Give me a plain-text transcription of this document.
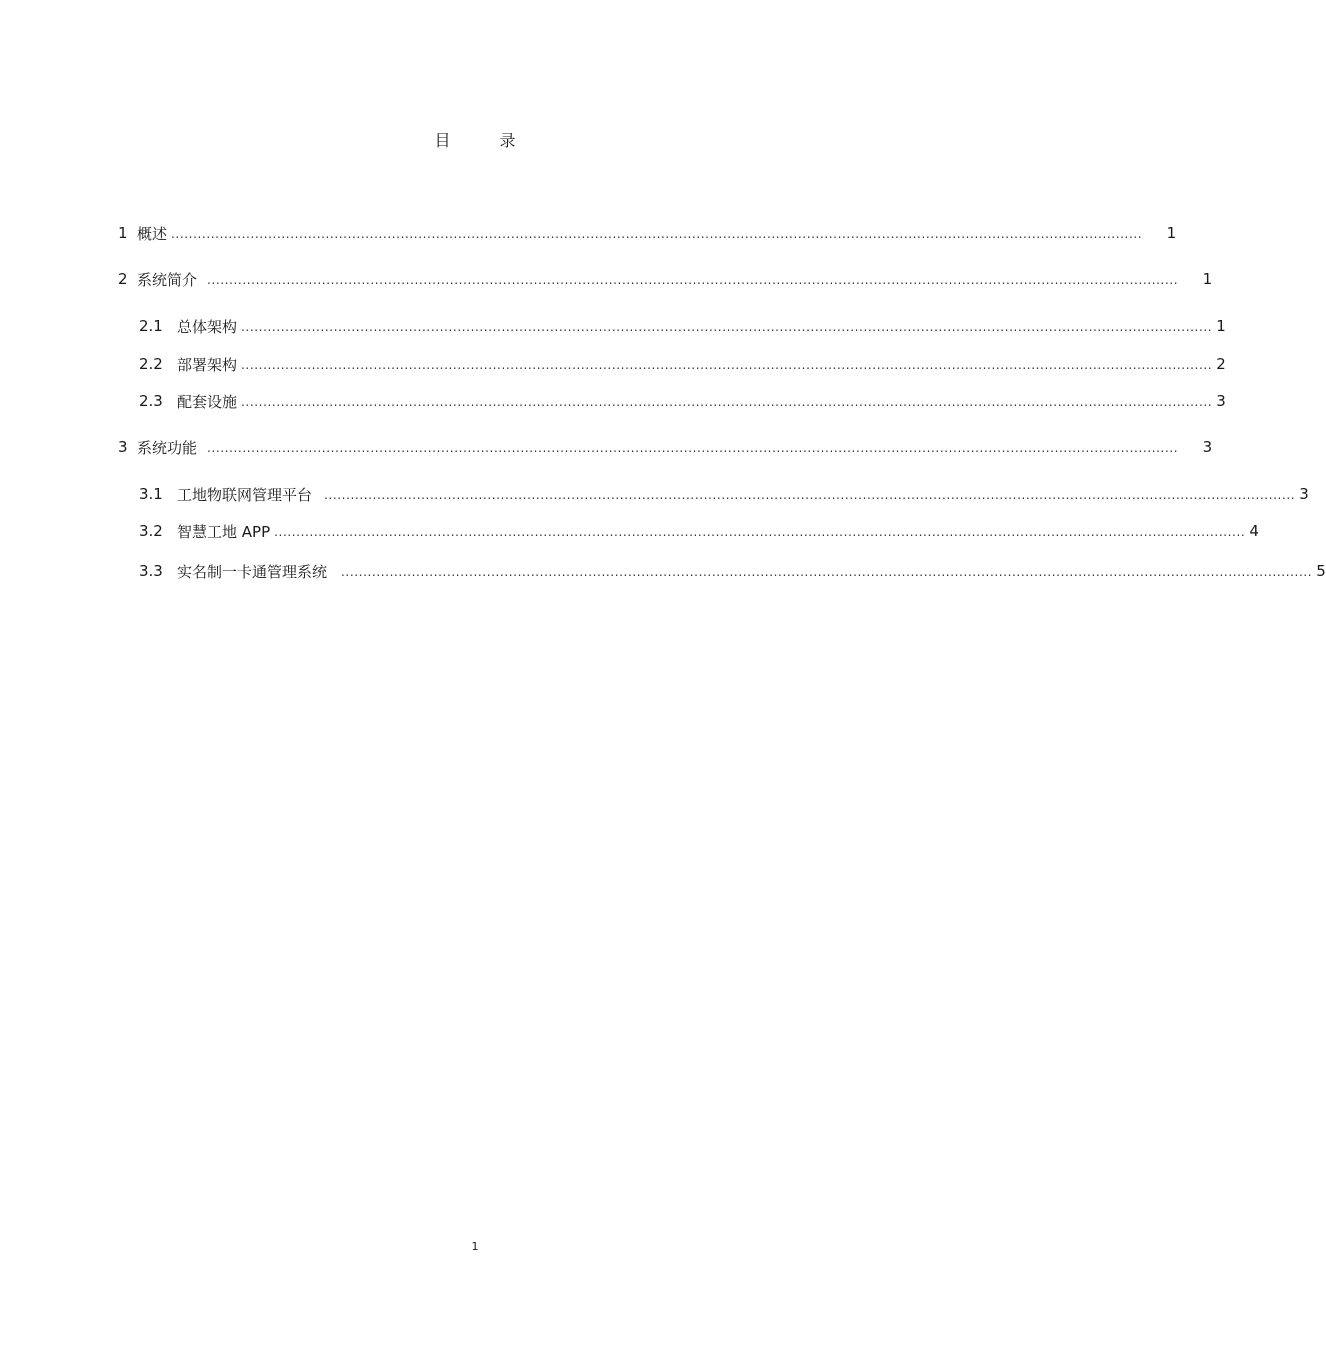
目 录
1 概述 ............................................................................................................................................................................................................................	1
2 系统简介 ............................................................................................................................................................................................................................	1
2.1 总体架构 ............................................................................................................................................................................................................................ 1
2.2 部署架构 ............................................................................................................................................................................................................................ 2
2.3 配套设施 ............................................................................................................................................................................................................................ 3
3 系统功能 ............................................................................................................................................................................................................................	3
3.1 工地物联网管理平台 ............................................................................................................................................................................................................................ 3
3.2 智慧工地 APP ............................................................................................................................................................................................................................ 4
3.3 实名制一卡通管理系统 ............................................................................................................................................................................................................................ 5
1
